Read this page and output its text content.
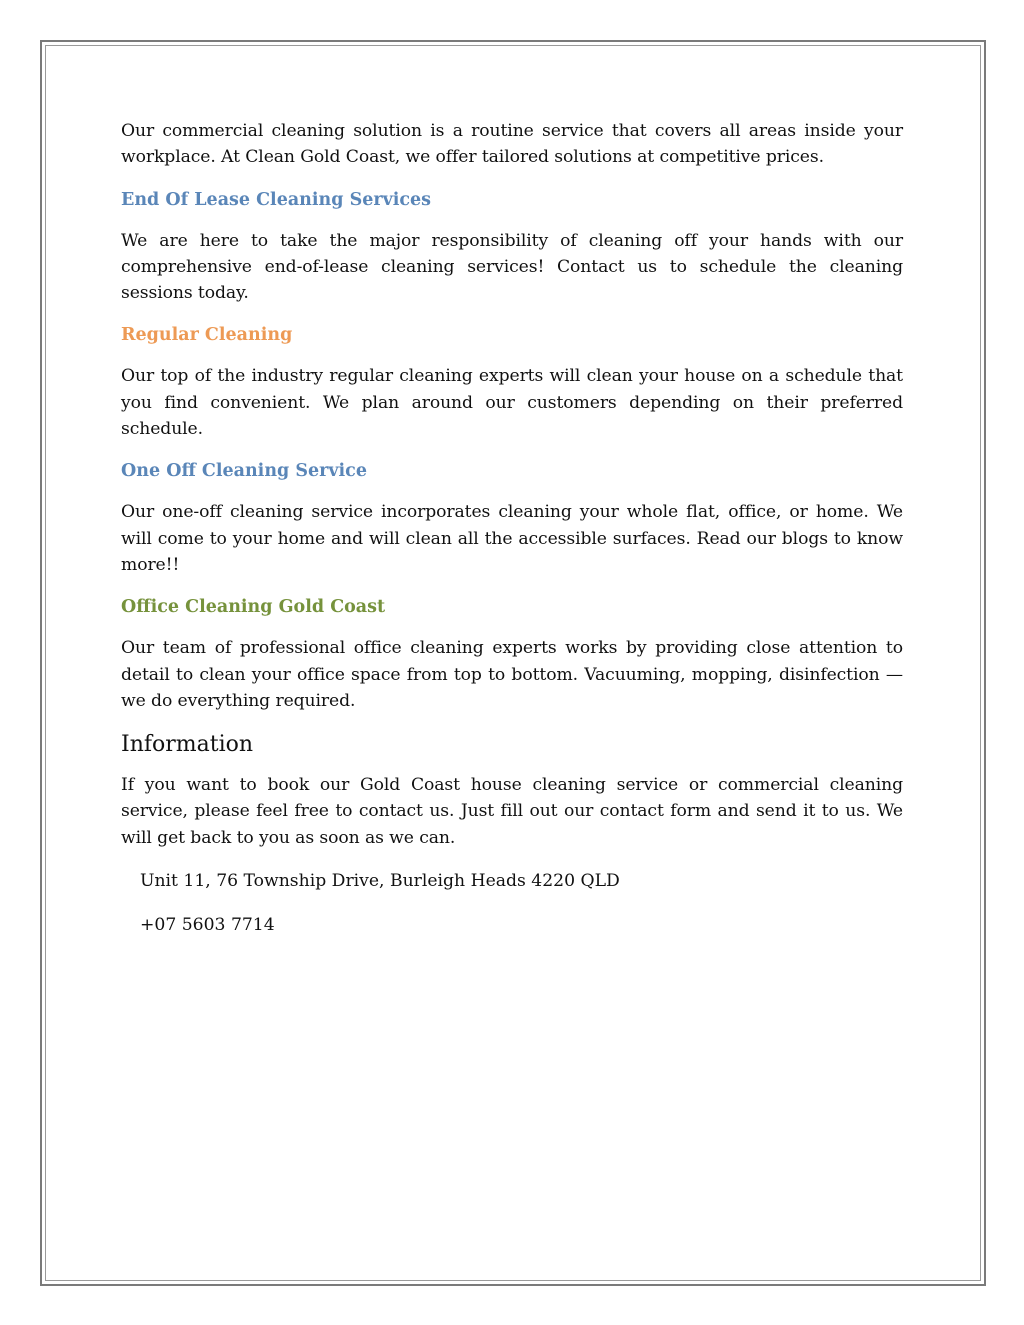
Our commercial cleaning solution is a routine service that covers all areas inside your workplace. At Clean Gold Coast, we offer tailored solutions at competitive prices.

End Of Lease Cleaning Services

We are here to take the major responsibility of cleaning off your hands with our comprehensive end-of-lease cleaning services! Contact us to schedule the cleaning sessions today.

Regular Cleaning

Our top of the industry regular cleaning experts will clean your house on a schedule that you find convenient. We plan around our customers depending on their preferred schedule.

One Off Cleaning Service

Our one-off cleaning service incorporates cleaning your whole flat, office, or home. We will come to your home and will clean all the accessible surfaces. Read our blogs to know more!!

Office Cleaning Gold Coast

Our team of professional office cleaning experts works by providing close attention to detail to clean your office space from top to bottom. Vacuuming, mopping, disinfection — we do everything required.

Information

If you want to book our Gold Coast house cleaning service or commercial cleaning service, please feel free to contact us. Just fill out our contact form and send it to us. We will get back to you as soon as we can.

Unit 11, 76 Township Drive, Burleigh Heads 4220 QLD
+07 5603 7714
